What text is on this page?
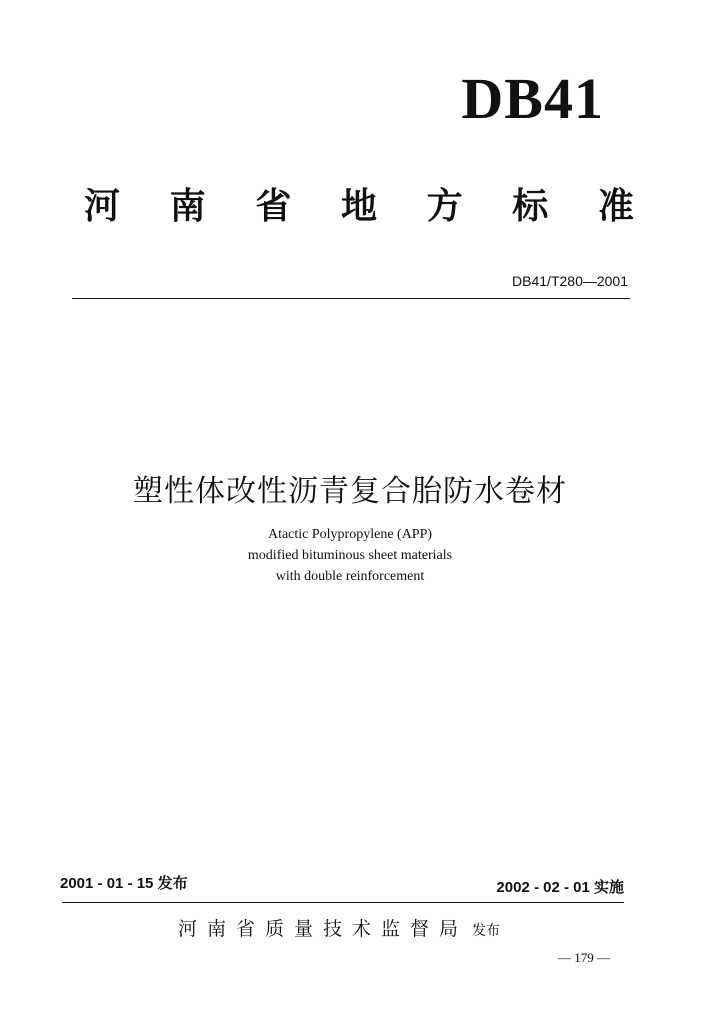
DB41
河 南 省 地 方 标 准
DB41/T280—2001
塑性体改性沥青复合胎防水卷材
Atactic Polypropylene (APP)
modified bituminous sheet materials
with double reinforcement
2001 - 01 - 15 发布	2002 - 02 - 01 实施
河南省质量技术监督局 发布
— 179 —
